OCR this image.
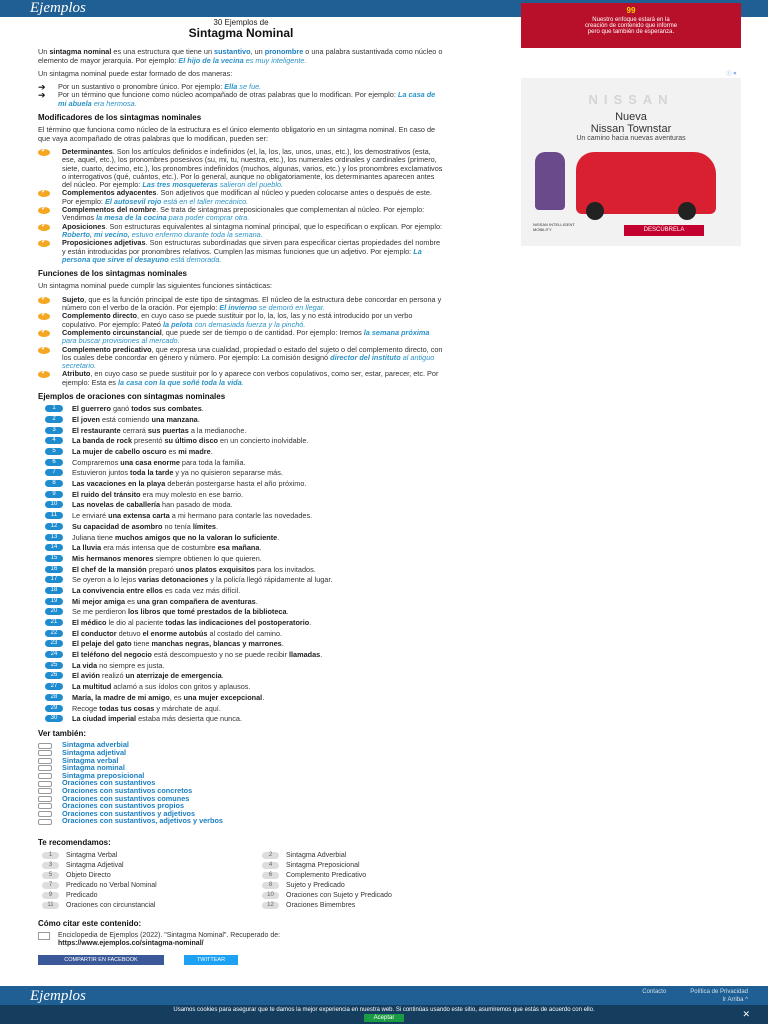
Ejemplos	99
Nuestro enfoque estará en la creación de contenido que informe pero que también de esperanza.
ⓘ ✕
NISSAN
Nueva
Nissan Townstar
Un camino hacia nuevas aventuras
NISSAN INTELLIGENT MOBILITY	DESCÚBRELA
30 Ejemplos de
Sintagma Nominal
Un sintagma nominal es una estructura que tiene un sustantivo, un pronombre o una palabra sustantivada como núcleo o elemento de mayor jerarquía. Por ejemplo: El hijo de la vecina es muy inteligente.
Un sintagma nominal puede estar formado de dos maneras:
➔	Por un sustantivo o pronombre único. Por ejemplo: Ella se fue.
➔	Por un término que funcione como núcleo acompañado de otras palabras que lo modifican. Por ejemplo: La casa de mi abuela era hermosa.
Modificadores de los sintagmas nominales
El término que funciona como núcleo de la estructura es el único elemento obligatorio en un sintagma nominal. En caso de que vaya acompañado de otras palabras que lo modifican, pueden ser:
✓
Determinantes. Son los artículos definidos e indefinidos (el, la, los, las, unos, unas, etc.), los demostrativos (esta, ese, aquel, etc.), los pronombres posesivos (su, mi, tu, nuestra, etc.), los numerales ordinales y cardinales (primero, siete, cuarto, decimo, etc.), los pronombres indefinidos (muchos, algunas, varios, etc.) y los pronombres exclamativos o interrogativos (qué, cuántos, etc.). Por lo general, aunque no obligatoriamente, los determinantes aparecen antes del núcleo. Por ejemplo: Las tres mosqueteras salieron del pueblo.
✓
Complementos adyacentes. Son adjetivos que modifican al núcleo y pueden colocarse antes o después de este. Por ejemplo: El autosevil rojo está en el taller mecánico.
✓
Complementos del nombre. Se trata de sintagmas preposicionales que complementan al núcleo. Por ejemplo: Vendimos la mesa de la cocina para poder comprar otra.
✓
Aposiciones. Son estructuras equivalentes al sintagma nominal principal, que lo especifican o explican. Por ejemplo: Roberto, mi vecino, estuvo enfermo durante toda la semana.
✓
Proposiciones adjetivas. Son estructuras subordinadas que sirven para especificar ciertas propiedades del nombre y están introducidas por pronombres relativos. Cumplen las mismas funciones que un adjetivo. Por ejemplo: La persona que sirve el desayuno está demorada.
Funciones de los sintagmas nominales
Un sintagma nominal puede cumplir las siguientes funciones sintácticas:
✓
Sujeto, que es la función principal de este tipo de sintagmas. El núcleo de la estructura debe concordar en persona y número con el verbo de la oración. Por ejemplo: El invierno se demoró en llegar.
✓
Complemento directo, en cuyo caso se puede sustituir por lo, la, los, las y no está introducido por un verbo copulativo. Por ejemplo: Pateó la pelota con demasiada fuerza y la pinchó.
✓
Complemento circunstancial, que puede ser de tiempo o de cantidad. Por ejemplo: Iremos la semana próxima para buscar provisiones al mercado.
✓
Complemento predicativo, que expresa una cualidad, propiedad o estado del sujeto o del complemento directo, con los cuales debe concordar en género y número. Por ejemplo: La comisión designó director del instituto al antiguo secretario.
✓
Atributo, en cuyo caso se puede sustituir por lo y aparece con verbos copulativos, como ser, estar, parecer, etc. Por ejemplo: Esta es la casa con la que soñé toda la vida.
Ejemplos de oraciones con sintagmas nominales
1	El guerrero ganó todos sus combates.
2	El joven está comiendo una manzana.
3	El restaurante cerrará sus puertas a la medianoche.
4	La banda de rock presentó su último disco en un concierto inolvidable.
5	La mujer de cabello oscuro es mi madre.
6	Compraremos una casa enorme para toda la familia.
7	Estuvieron juntos toda la tarde y ya no quisieron separarse más.
8	Las vacaciones en la playa deberán postergarse hasta el año próximo.
9	El ruido del tránsito era muy molesto en ese barrio.
10	Las novelas de caballería han pasado de moda.
11	Le enviaré una extensa carta a mi hermano para contarle las novedades.
12	Su capacidad de asombro no tenía límites.
13	Juliana tiene muchos amigos que no la valoran lo suficiente.
14	La lluvia era más intensa que de costumbre esa mañana.
15	Mis hermanos menores siempre obtienen lo que quieren.
16	El chef de la mansión preparó unos platos exquisitos para los invitados.
17	Se oyeron a lo lejos varias detonaciones y la policía llegó rápidamente al lugar.
18	La convivencia entre ellos es cada vez más difícil.
19	Mi mejor amiga es una gran compañera de aventuras.
20	Se me perdieron los libros que tomé prestados de la biblioteca.
21	El médico le dio al paciente todas las indicaciones del postoperatorio.
22	El conductor detuvo el enorme autobús al costado del camino.
23	El pelaje del gato tiene manchas negras, blancas y marrones.
24	El teléfono del negocio está descompuesto y no se puede recibir llamadas.
25	La vida no siempre es justa.
26	El avión realizó un aterrizaje de emergencia.
27	La multitud aclamó a sus ídolos con gritos y aplausos.
28	María, la madre de mi amigo, es una mujer excepcional.
29	Recoge todas tus cosas y márchate de aquí.
30	La ciudad imperial estaba más desierta que nunca.
Ver también:
Sintagma adverbial
Sintagma adjetival
Sintagma verbal
Sintagma nominal
Sintagma preposicional
Oraciones con sustantivos
Oraciones con sustantivos concretos
Oraciones con sustantivos comunes
Oraciones con sustantivos propios
Oraciones con sustantivos y adjetivos
Oraciones con sustantivos, adjetivos y verbos
Te recomendamos:
1	Sintagma Verbal	2	Sintagma Adverbial
3	Sintagma Adjetival	4	Sintagma Preposicional
5	Objeto Directo	6	Complemento Predicativo
7	Predicado no Verbal Nominal	8	Sujeto y Predicado
9	Predicado	10	Oraciones con Sujeto y Predicado
11	Oraciones con circunstancial	12	Oraciones Bimembres
Cómo citar este contenido:
Enciclopedia de Ejemplos (2022). "Sintagma Nominal". Recuperado de:
https://www.ejemplos.co/sintagma-nominal/
COMPARTIR EN FACEBOOK	TWITTEAR
Ejemplos	Contacto	Política de Privacidad
Ir Arriba ^
Usamos cookies para asegurar que te damos la mejor experiencia en nuestra web. Si continúas usando este sitio, asumiremos que estás de acuerdo con ello.
Aceptar	✕
